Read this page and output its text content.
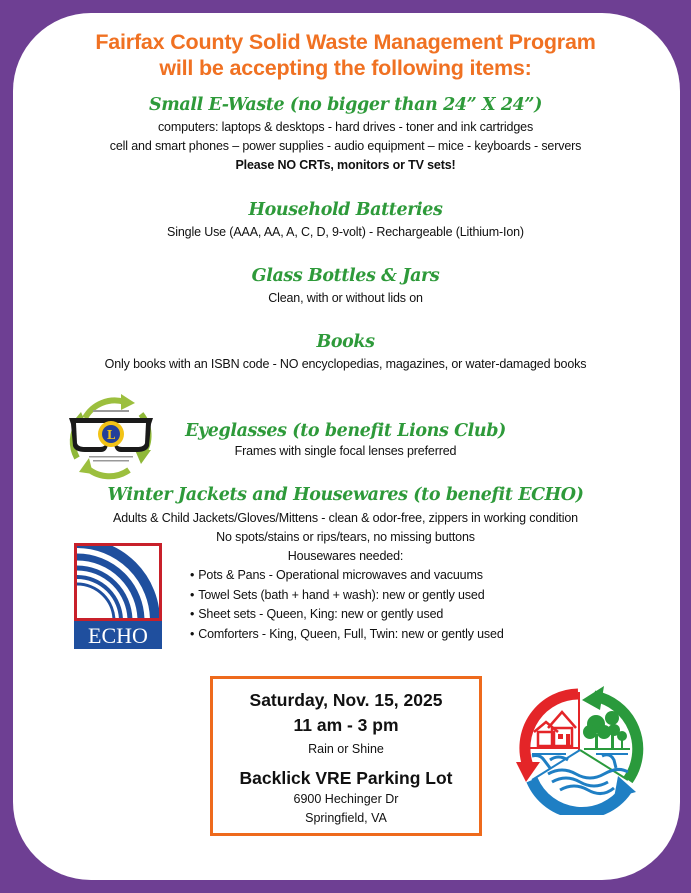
Fairfax County Solid Waste Management Program
will be accepting the following items:
Small E-Waste (no bigger than 24” X 24”)
computers: laptops & desktops - hard drives - toner and ink cartridges
cell and smart phones – power supplies - audio equipment – mice - keyboards - servers
Please NO CRTs, monitors or TV sets!
Household Batteries
Single Use (AAA, AA, A, C, D, 9-volt) - Rechargeable (Lithium-Ion)
Glass Bottles & Jars
Clean, with or without lids on
Books
Only books with an ISBN code - NO encyclopedias, magazines, or water-damaged books
L	Eyeglasses (to benefit Lions Club)
Frames with single focal lenses preferred
Winter Jackets and Housewares (to benefit ECHO)
Adults & Child Jackets/Gloves/Mittens - clean & odor-free, zippers in working condition
No spots/stains or rips/tears, no missing buttons
Housewares needed:
• Pots & Pans - Operational microwaves and vacuums
• Towel Sets (bath + hand + wash): new or gently used
• Sheet sets - Queen, King: new or gently used
• Comforters - King, Queen, Full, Twin: new or gently used
ECHO
Saturday, Nov. 15, 2025
11 am - 3 pm
Rain or Shine
Backlick VRE Parking Lot
6900 Hechinger Dr
Springfield, VA
